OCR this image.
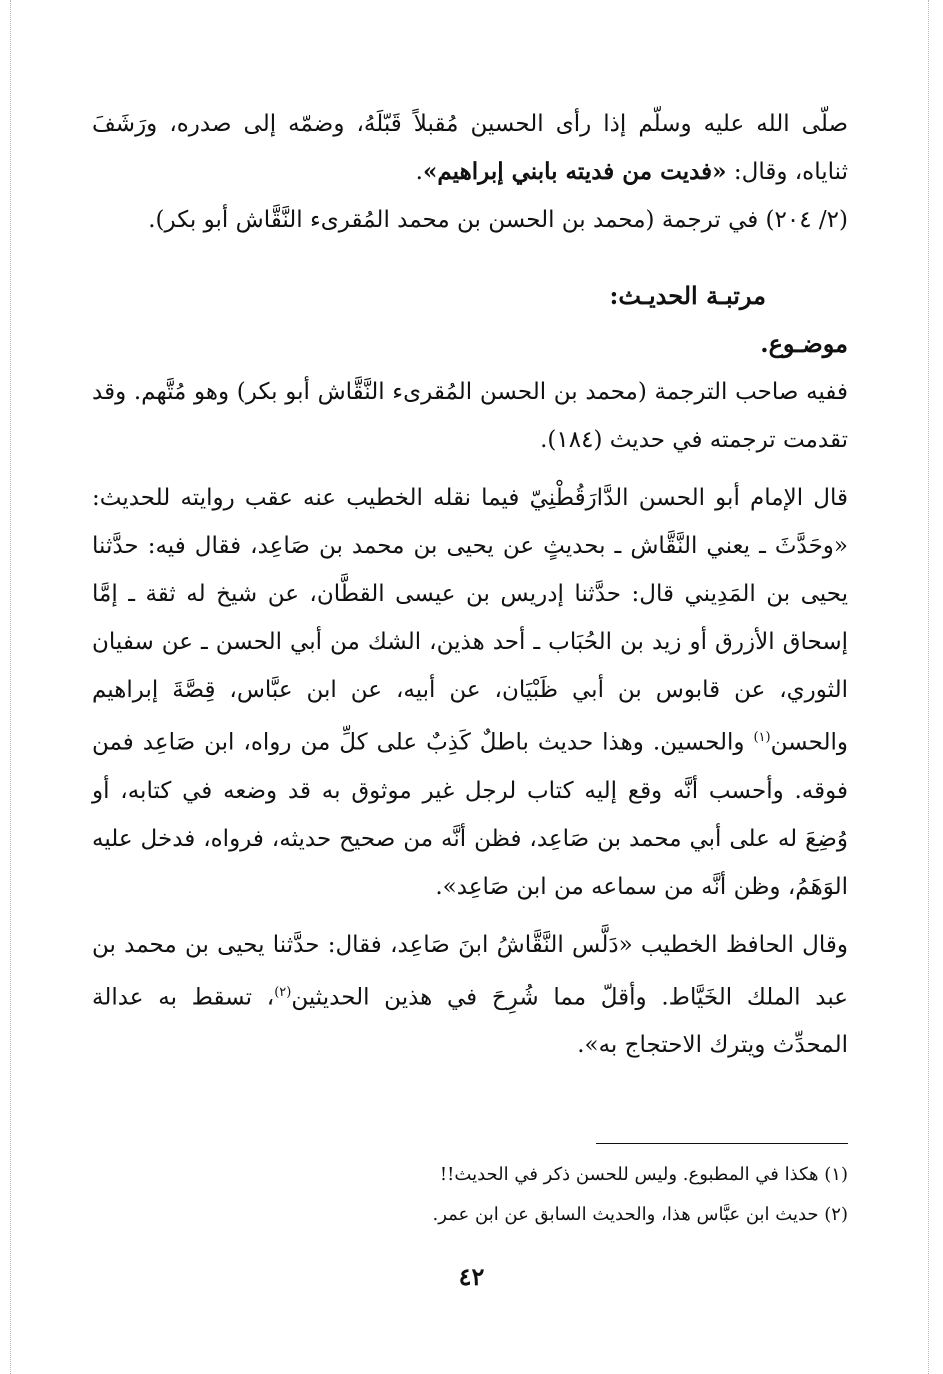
صلّى الله عليه وسلّم إذا رأى الحسين مُقبلاً قَبّلَهُ، وضمّه إلى صدره، ورَشَفَ ثناياه، وقال: «فديت من فديته بابني إبراهيم».

(٢/ ٢٠٤) في ترجمة (محمد بن الحسن بن محمد المُقرىء النَّقَّاش أبو بكر).

مرتبـة الحديـث:

موضـوع.

ففيه صاحب الترجمة (محمد بن الحسن المُقرىء النَّقَّاش أبو بكر) وهو مُتَّهم. وقد تقدمت ترجمته في حديث (١٨٤).

قال الإمام أبو الحسن الدَّارَقُطْنِيّ فيما نقله الخطيب عنه عقب روايته للحديث: «وحَدَّثَ ـ يعني النَّقَّاش ـ بحديثٍ عن يحيى بن محمد بن صَاعِد، فقال فيه: حدَّثنا يحيى بن المَدِيني قال: حدَّثنا إدريس بن عيسى القطَّان، عن شيخ له ثقة ـ إمَّا إسحاق الأزرق أو زيد بن الحُبَاب ـ أحد هذين، الشك من أبي الحسن ـ عن سفيان الثوري، عن قابوس بن أبي ظَبْيَان، عن أبيه، عن ابن عبَّاس، قِصَّةَ إبراهيم والحسن$^{(١)}$ والحسين. وهذا حديث باطلٌ كَذِبٌ على كلِّ من رواه، ابن صَاعِد فمن فوقه. وأحسب أنَّه وقع إليه كتاب لرجل غير موثوق به قد وضعه في كتابه، أو وُضِعَ له على أبي محمد بن صَاعِد، فظن أنَّه من صحيح حديثه، فرواه، فدخل عليه الوَهَمُ، وظن أنَّه من سماعه من ابن صَاعِد».

وقال الحافظ الخطيب «دَلَّس النَّقَّاشُ ابنَ صَاعِد، فقال: حدَّثنا يحيى بن محمد بن عبد الملك الخَيَّاط. وأقلّ مما شُرِحَ في هذين الحديثين$^{(٢)}$، تسقط به عدالة المحدِّث ويترك الاحتجاج به».

(١) هكذا في المطبوع. وليس للحسن ذكر في الحديث!!

(٢) حديث ابن عبَّاس هذا، والحديث السابق عن ابن عمر.

٤٢
